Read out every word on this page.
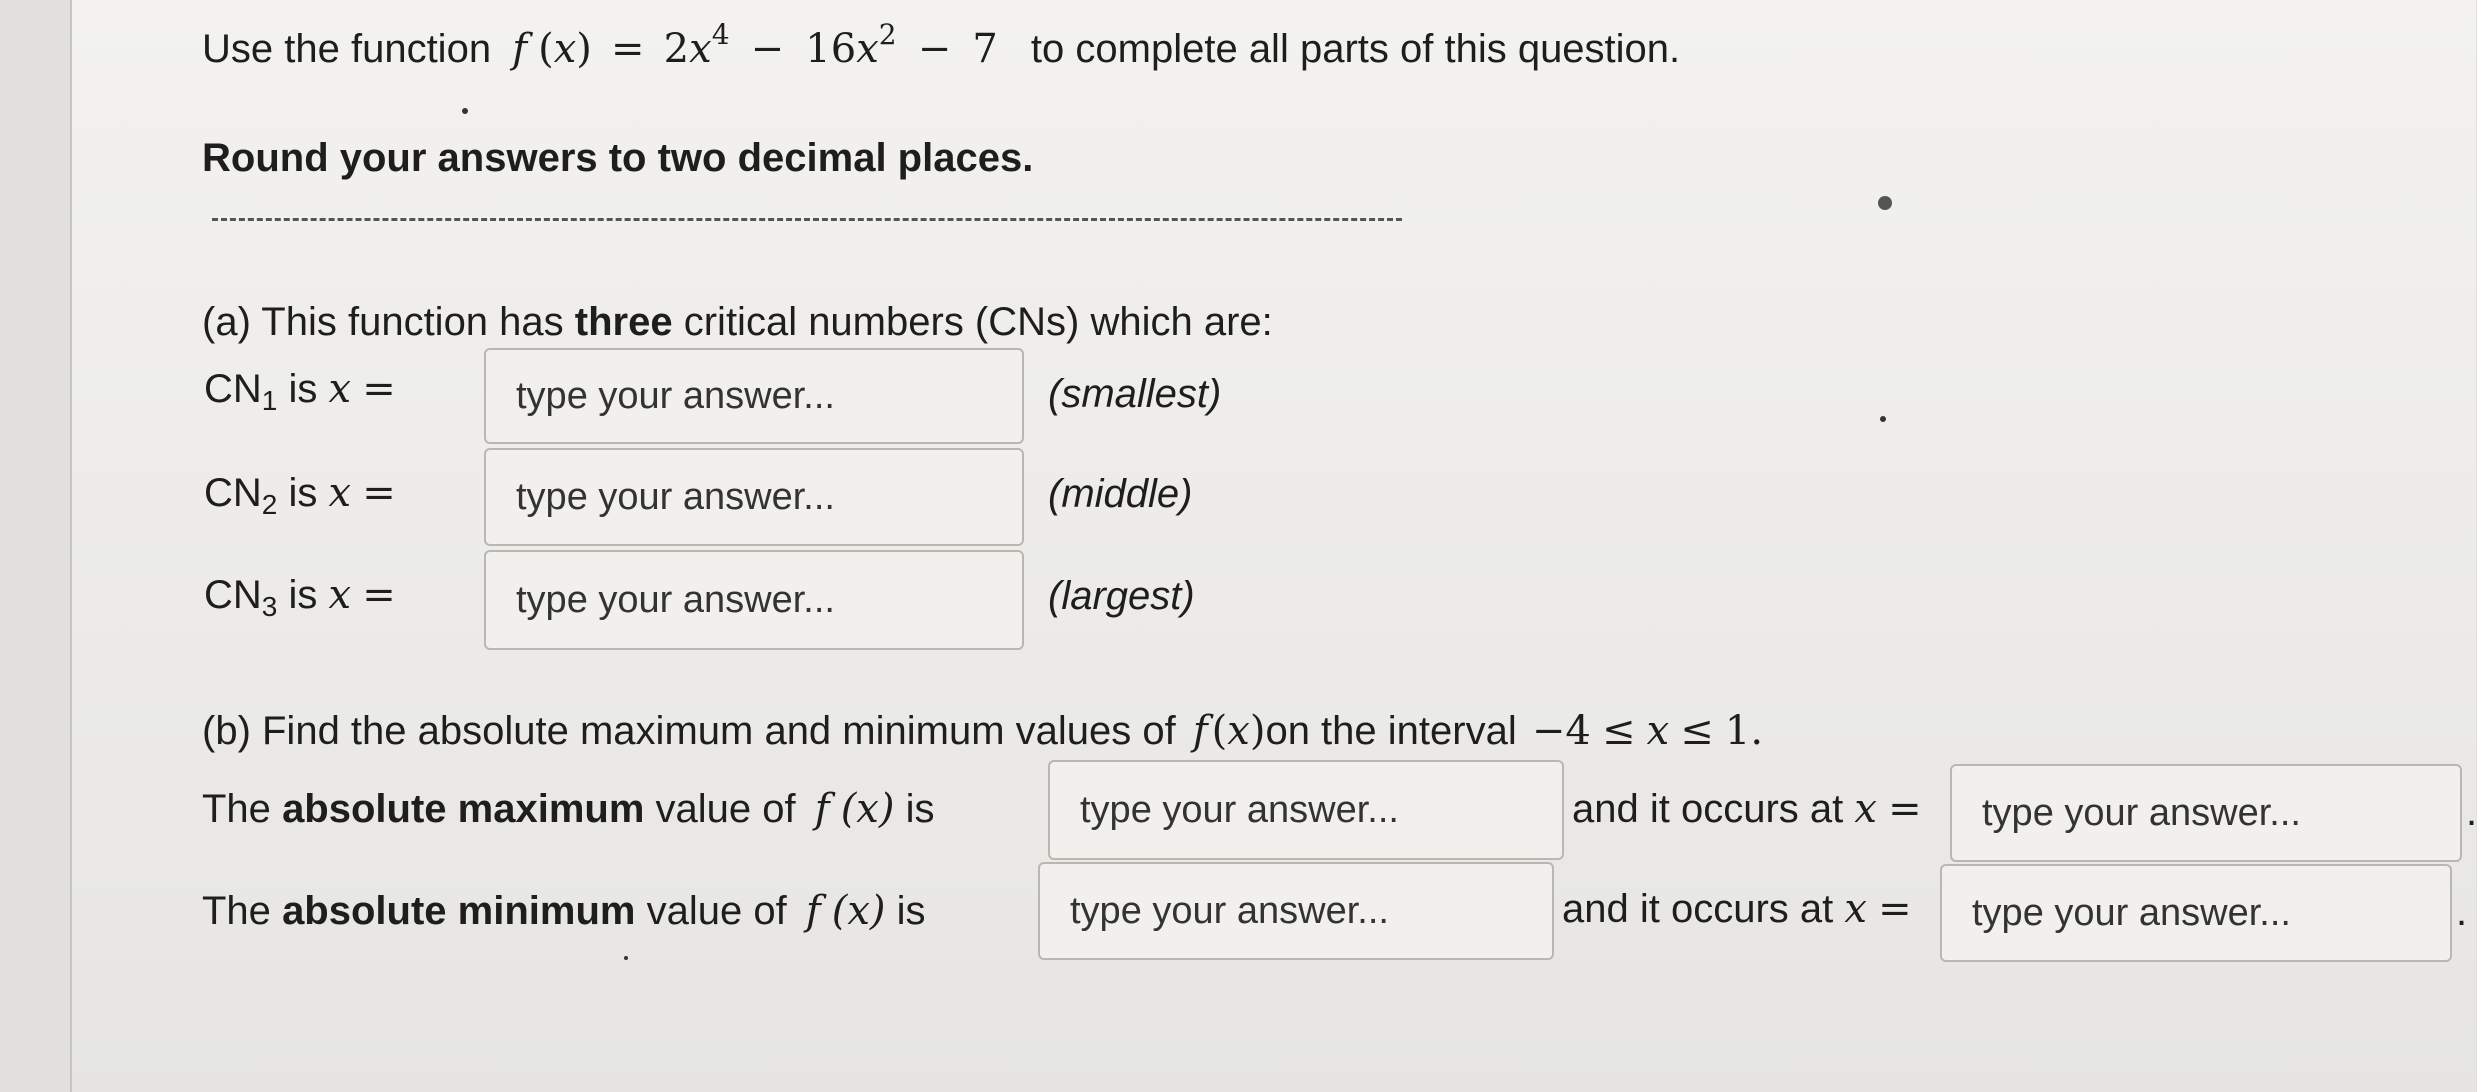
Use the function f $(x) = 2x^4 - 16x^2 - 7$ to complete all parts of this question.
Round your answers to two decimal places.
(a) This function has three critical numbers (CNs) which are:
$CN_1$ is x =	type your answer...	(smallest)
$CN_2$ is x =	type your answer...	(middle)
$CN_3$ is x =	type your answer...	(largest)
(b) Find the absolute maximum and minimum values of f (x)on the interval −4 ≤ x ≤ 1.
The absolute maximum value of f (x) is	type your answer...	and it occurs at x = type your answer...	.
The absolute minimum value of f (x) is	type your answer...	and it occurs at x = type your answer...	.
